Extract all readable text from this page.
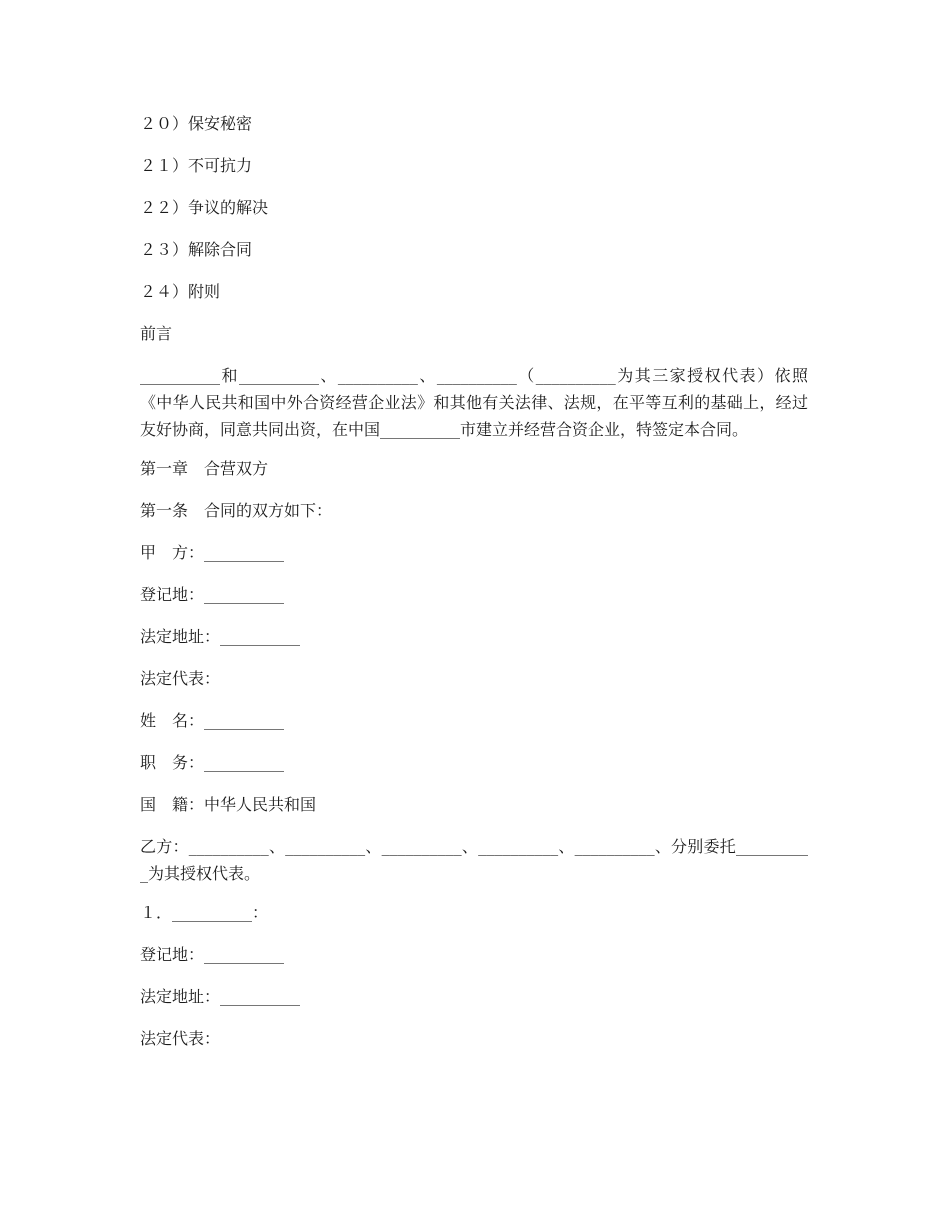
２０）保安秘密

２１）不可抗力

２２）争议的解决

２３）解除合同

２４）附则

前言

__________和__________、__________、__________（__________为其三家授权代表）依照《中华人民共和国中外合资经营企业法》和其他有关法律、法规，在平等互利的基础上，经过友好协商，同意共同出资，在中国__________市建立并经营合资企业，特签定本合同。

第一章　合营双方

第一条　合同的双方如下：

甲　方：__________

登记地：__________

法定地址：__________

法定代表：

姓　名：__________

职　务：__________

国　籍：中华人民共和国

乙方：__________、__________、__________、__________、__________、分别委托__________为其授权代表。

１．__________：

登记地：__________

法定地址：__________

法定代表：
